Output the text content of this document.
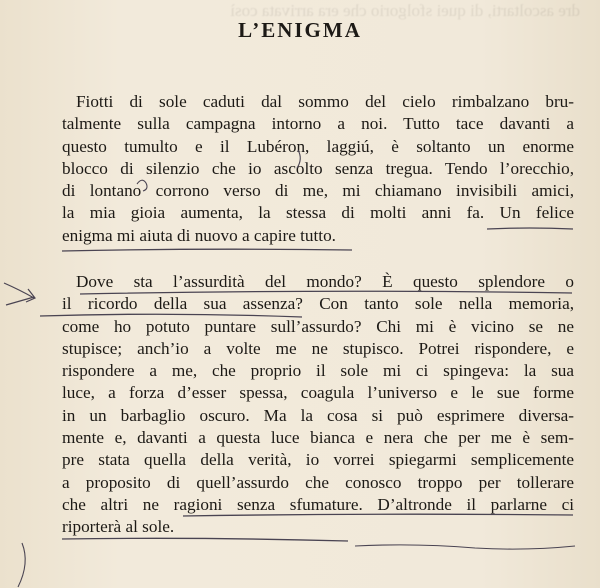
dre ascoltarti, di quei sfolgorio che era arrivata così
L’ENIGMA
Fiotti di sole caduti dal sommo del cielo rimbalzano bru-
talmente sulla campagna intorno a noi. Tutto tace davanti a
questo tumulto e il Lubéron, laggiú, è soltanto un enorme
blocco di silenzio che io ascolto senza tregua. Tendo l’orecchio,
di lontano corrono verso di me, mi chiamano invisibili amici,
la mia gioia aumenta, la stessa di molti anni fa. Un felice
enigma mi aiuta di nuovo a capire tutto.
Dove sta l’assurdità del mondo? È questo splendore o
il ricordo della sua assenza? Con tanto sole nella memoria,
come ho potuto puntare sull’assurdo? Chi mi è vicino se ne
stupisce; anch’io a volte me ne stupisco. Potrei rispondere, e
rispondere a me, che proprio il sole mi ci spingeva: la sua
luce, a forza d’esser spessa, coagula l’universo e le sue forme
in un barbaglio oscuro. Ma la cosa si può esprimere diversa-
mente e, davanti a questa luce bianca e nera che per me è sem-
pre stata quella della verità, io vorrei spiegarmi semplicemente
a proposito di quell’assurdo che conosco troppo per tollerare
che altri ne ragioni senza sfumature. D’altronde il parlarne ci
riporterà al sole.
